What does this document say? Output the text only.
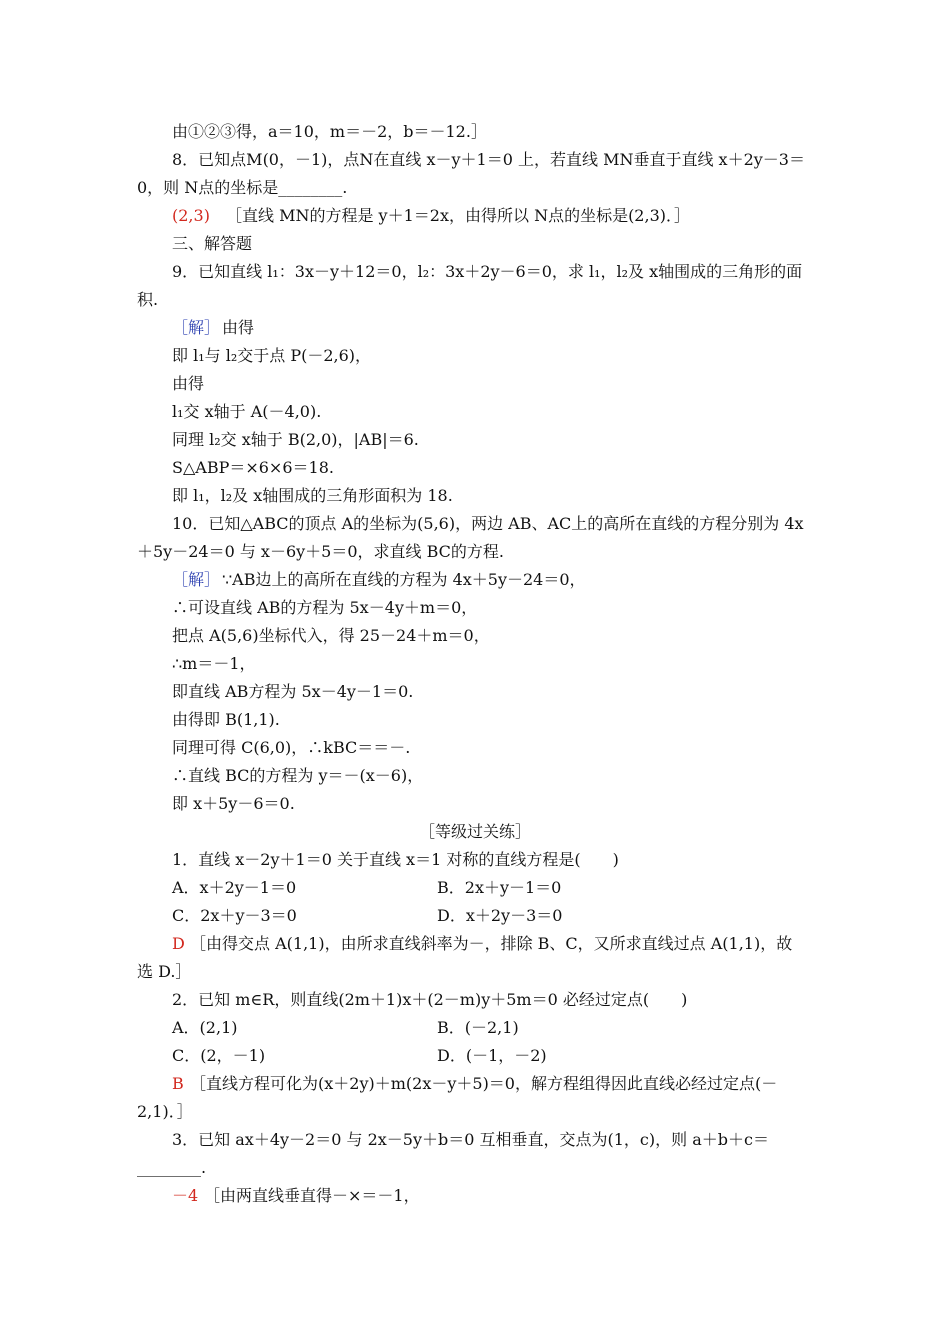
由①②③得，a＝10，m＝－2，b＝－12.］
8．已知点M(0，－1)，点N在直线 x－y＋1＝0 上，若直线 MN垂直于直线 x＋2y－3＝
0，则 N点的坐标是________.
(2,3) ［直线 MN的方程是 y＋1＝2x，由得所以 N点的坐标是(2,3)．］
三、解答题
9．已知直线 l₁：3x－y＋12＝0，l₂：3x＋2y－6＝0，求 l₁，l₂及 x轴围成的三角形的面
积.
［解］ 由得
即 l₁与 l₂交于点 P(－2,6)，
由得
l₁交 x轴于 A(－4,0).
同理 l₂交 x轴于 B(2,0)，|AB|＝6.
S△ABP＝×6×6＝18.
即 l₁，l₂及 x轴围成的三角形面积为 18.
10．已知△ABC的顶点 A的坐标为(5,6)，两边 AB、AC上的高所在直线的方程分别为 4x
＋5y－24＝0 与 x－6y＋5＝0，求直线 BC的方程.
［解］ ∵AB边上的高所在直线的方程为 4x＋5y－24＝0，
∴可设直线 AB的方程为 5x－4y＋m＝0，
把点 A(5,6)坐标代入，得 25－24＋m＝0，
∴m＝－1，
即直线 AB方程为 5x－4y－1＝0.
由得即 B(1,1).
同理可得 C(6,0)，∴kBC＝＝－.
∴直线 BC的方程为 y＝－(x－6)，
即 x＋5y－6＝0.
［等级过关练］
1．直线 x－2y＋1＝0 关于直线 x＝1 对称的直线方程是(　　)
A．x＋2y－1＝0	B．2x＋y－1＝0
C．2x＋y－3＝0	D．x＋2y－3＝0
D ［由得交点 A(1,1)，由所求直线斜率为－，排除 B、C，又所求直线过点 A(1,1)，故
选 D.］
2．已知 m∈R，则直线(2m＋1)x＋(2－m)y＋5m＝0 必经过定点(　　)
A．(2,1)	B．(－2,1)
C．(2，－1)	D．(－1，－2)
B ［直线方程可化为(x＋2y)＋m(2x－y＋5)＝0，解方程组得因此直线必经过定点(－
2,1)．］
3．已知 ax＋4y－2＝0 与 2x－5y＋b＝0 互相垂直，交点为(1，c)，则 a＋b＋c＝
________.
－4 ［由两直线垂直得－×＝－1，
